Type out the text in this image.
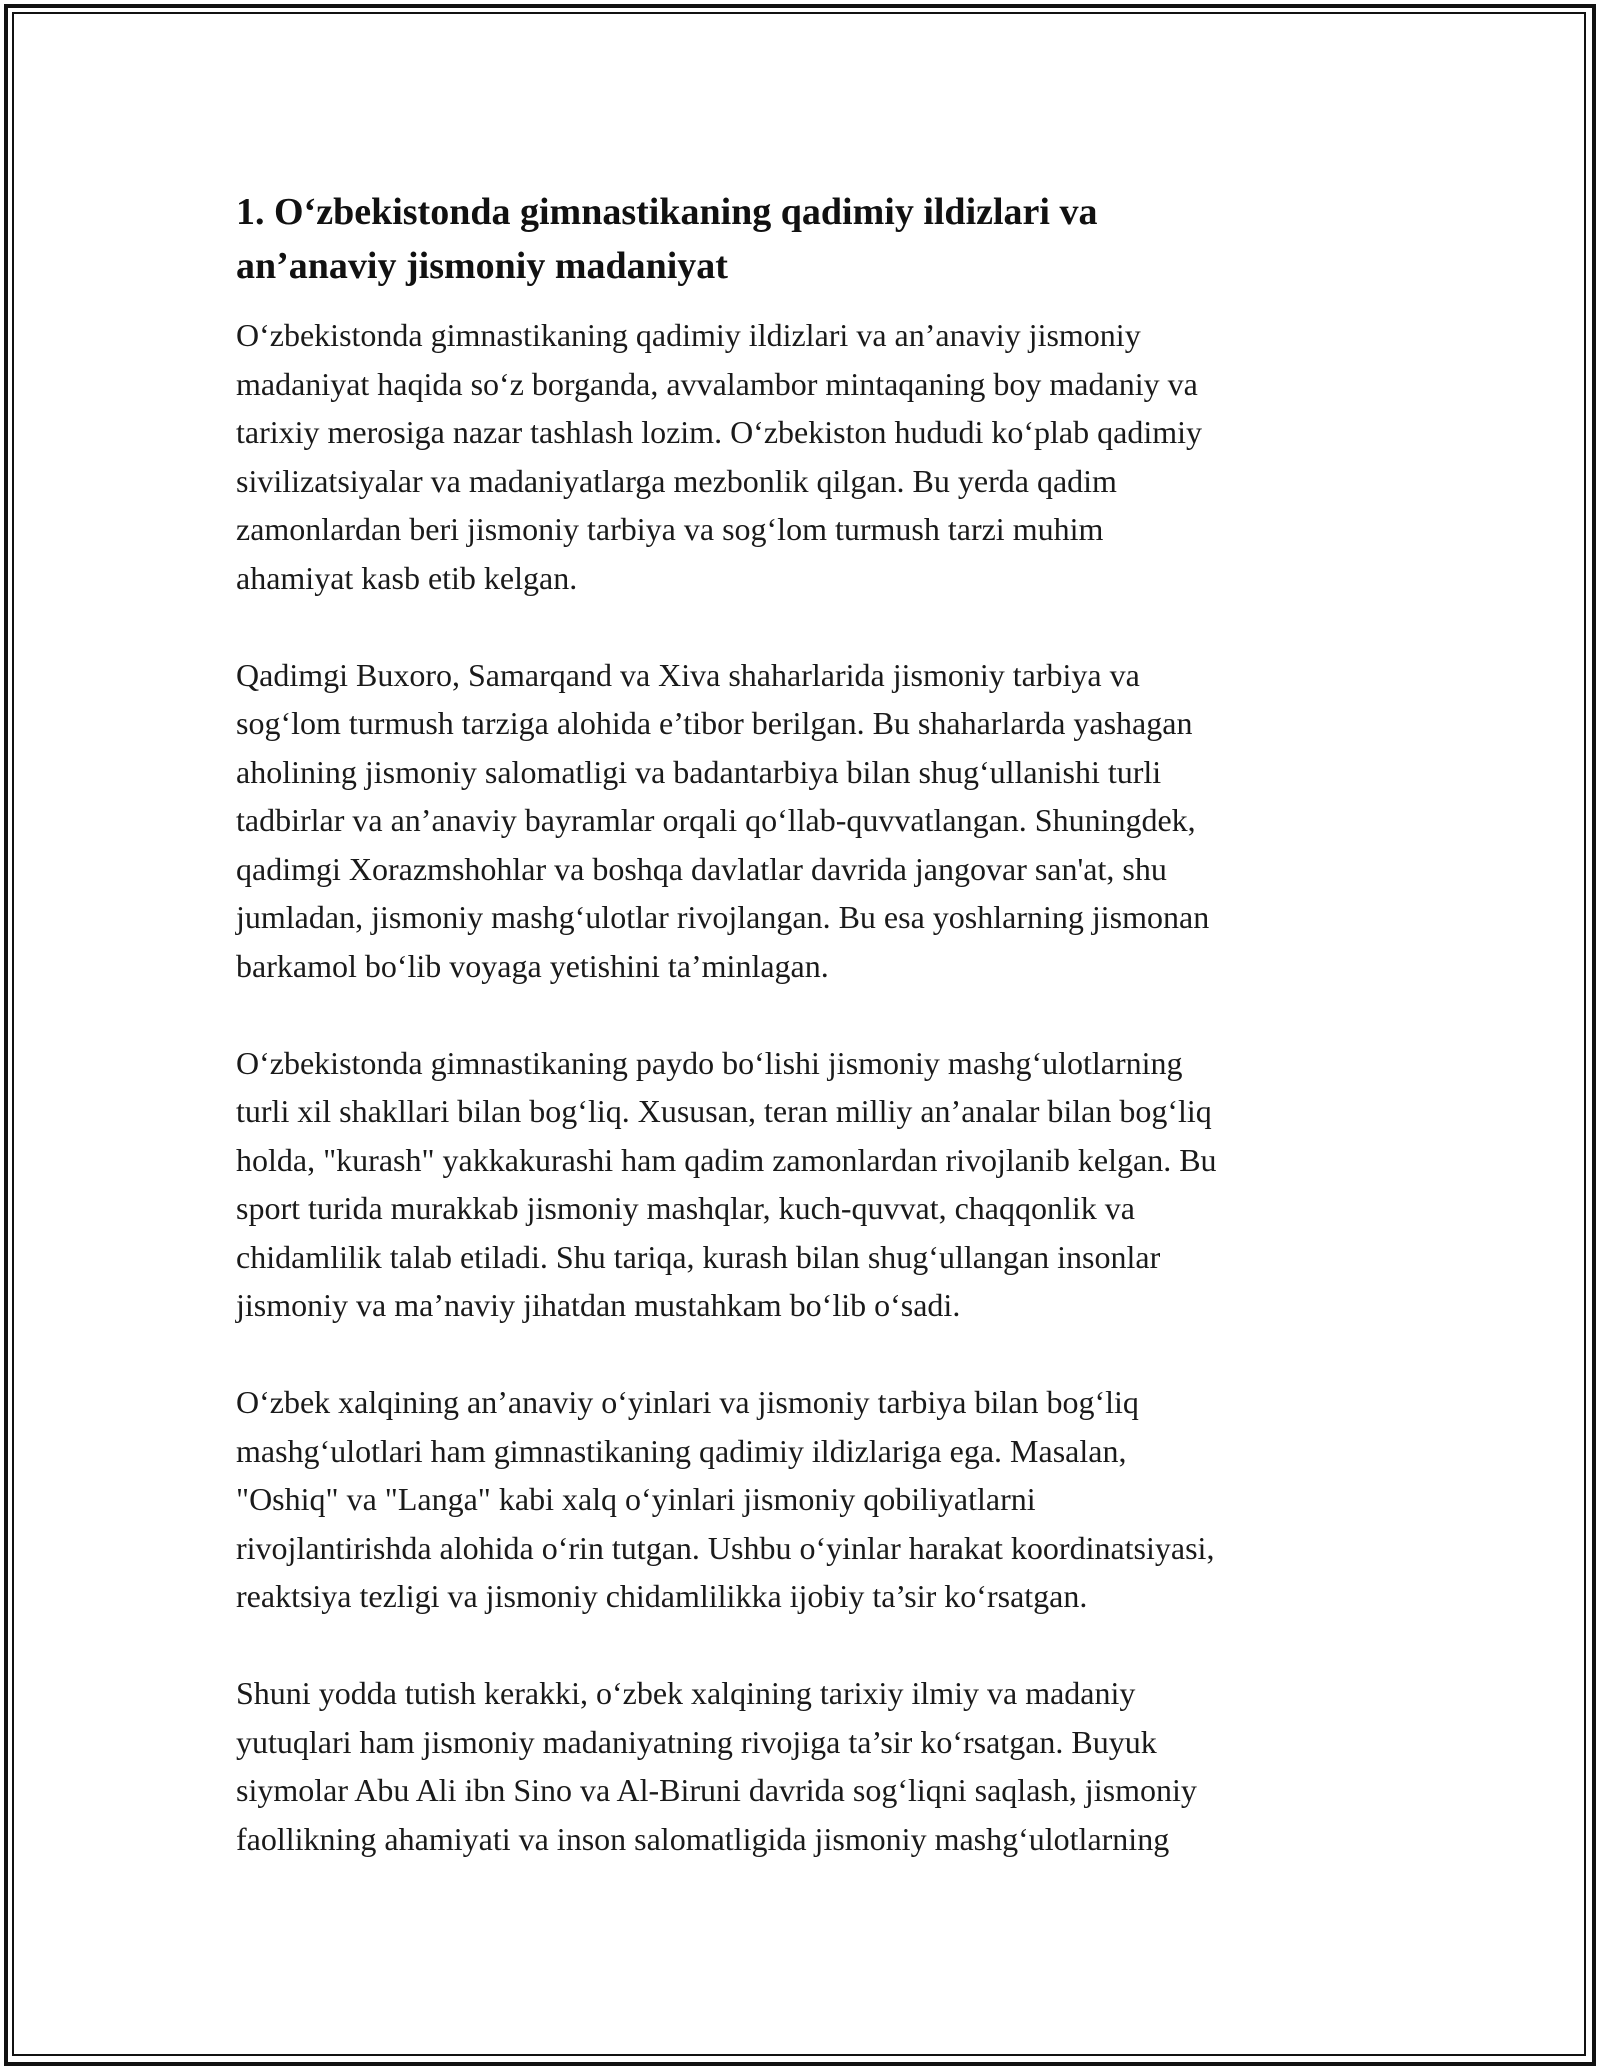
1. O‘zbekistonda gimnastikaning qadimiy ildizlari va
an’anaviy jismoniy madaniyat

O‘zbekistonda gimnastikaning qadimiy ildizlari va an’anaviy jismoniy
madaniyat haqida so‘z borganda, avvalambor mintaqaning boy madaniy va
tarixiy merosiga nazar tashlash lozim. O‘zbekiston hududi ko‘plab qadimiy
sivilizatsiyalar va madaniyatlarga mezbonlik qilgan. Bu yerda qadim
zamonlardan beri jismoniy tarbiya va sog‘lom turmush tarzi muhim
ahamiyat kasb etib kelgan.

Qadimgi Buxoro, Samarqand va Xiva shaharlarida jismoniy tarbiya va
sog‘lom turmush tarziga alohida e’tibor berilgan. Bu shaharlarda yashagan
aholining jismoniy salomatligi va badantarbiya bilan shug‘ullanishi turli
tadbirlar va an’anaviy bayramlar orqali qo‘llab-quvvatlangan. Shuningdek,
qadimgi Xorazmshohlar va boshqa davlatlar davrida jangovar san'at, shu
jumladan, jismoniy mashg‘ulotlar rivojlangan. Bu esa yoshlarning jismonan
barkamol bo‘lib voyaga yetishini ta’minlagan.

O‘zbekistonda gimnastikaning paydo bo‘lishi jismoniy mashg‘ulotlarning
turli xil shakllari bilan bog‘liq. Xususan, teran milliy an’analar bilan bog‘liq
holda, "kurash" yakkakurashi ham qadim zamonlardan rivojlanib kelgan. Bu
sport turida murakkab jismoniy mashqlar, kuch-quvvat, chaqqonlik va
chidamlilik talab etiladi. Shu tariqa, kurash bilan shug‘ullangan insonlar
jismoniy va ma’naviy jihatdan mustahkam bo‘lib o‘sadi.

O‘zbek xalqining an’anaviy o‘yinlari va jismoniy tarbiya bilan bog‘liq
mashg‘ulotlari ham gimnastikaning qadimiy ildizlariga ega. Masalan,
"Oshiq" va "Langa" kabi xalq o‘yinlari jismoniy qobiliyatlarni
rivojlantirishda alohida o‘rin tutgan. Ushbu o‘yinlar harakat koordinatsiyasi,
reaktsiya tezligi va jismoniy chidamlilikka ijobiy ta’sir ko‘rsatgan.

Shuni yodda tutish kerakki, o‘zbek xalqining tarixiy ilmiy va madaniy
yutuqlari ham jismoniy madaniyatning rivojiga ta’sir ko‘rsatgan. Buyuk
siymolar Abu Ali ibn Sino va Al-Biruni davrida sog‘liqni saqlash, jismoniy
faollikning ahamiyati va inson salomatligida jismoniy mashg‘ulotlarning
